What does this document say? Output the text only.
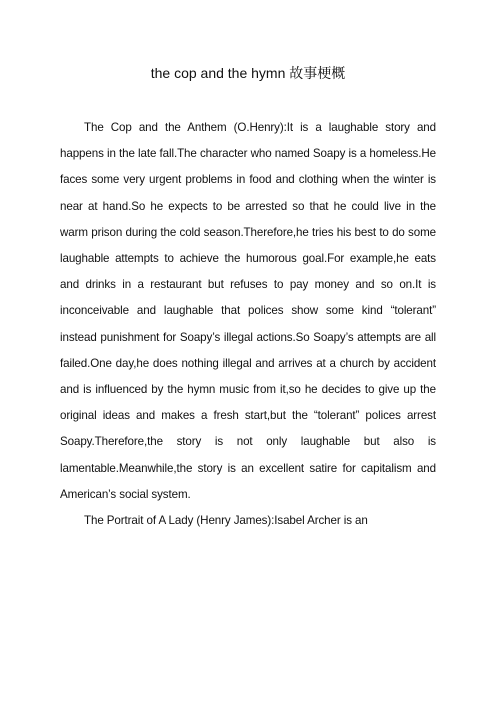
the cop and the hymn 故事梗概

The Cop and the Anthem (O.Henry):It is a laughable story and happens in the late fall.The character who named Soapy is a homeless.He faces some very urgent problems in food and clothing when the winter is near at hand.So he expects to be arrested so that he could live in the warm prison during the cold season.Therefore,he tries his best to do some laughable attempts to achieve the humorous goal.For example,he eats and drinks in a restaurant but refuses to pay money and so on.It is inconceivable and laughable that polices show some kind “tolerant” instead punishment for Soapy’s illegal actions.So Soapy’s attempts are all failed.One day,he does nothing illegal and arrives at a church by accident and is influenced by the hymn music from it,so he decides to give up the original ideas and makes a fresh start,but the “tolerant” polices arrest Soapy.Therefore,the story is not only laughable but also is lamentable.Meanwhile,the story is an excellent satire for capitalism and American’s social system.

The Portrait of A Lady (Henry James):Isabel Archer is an
